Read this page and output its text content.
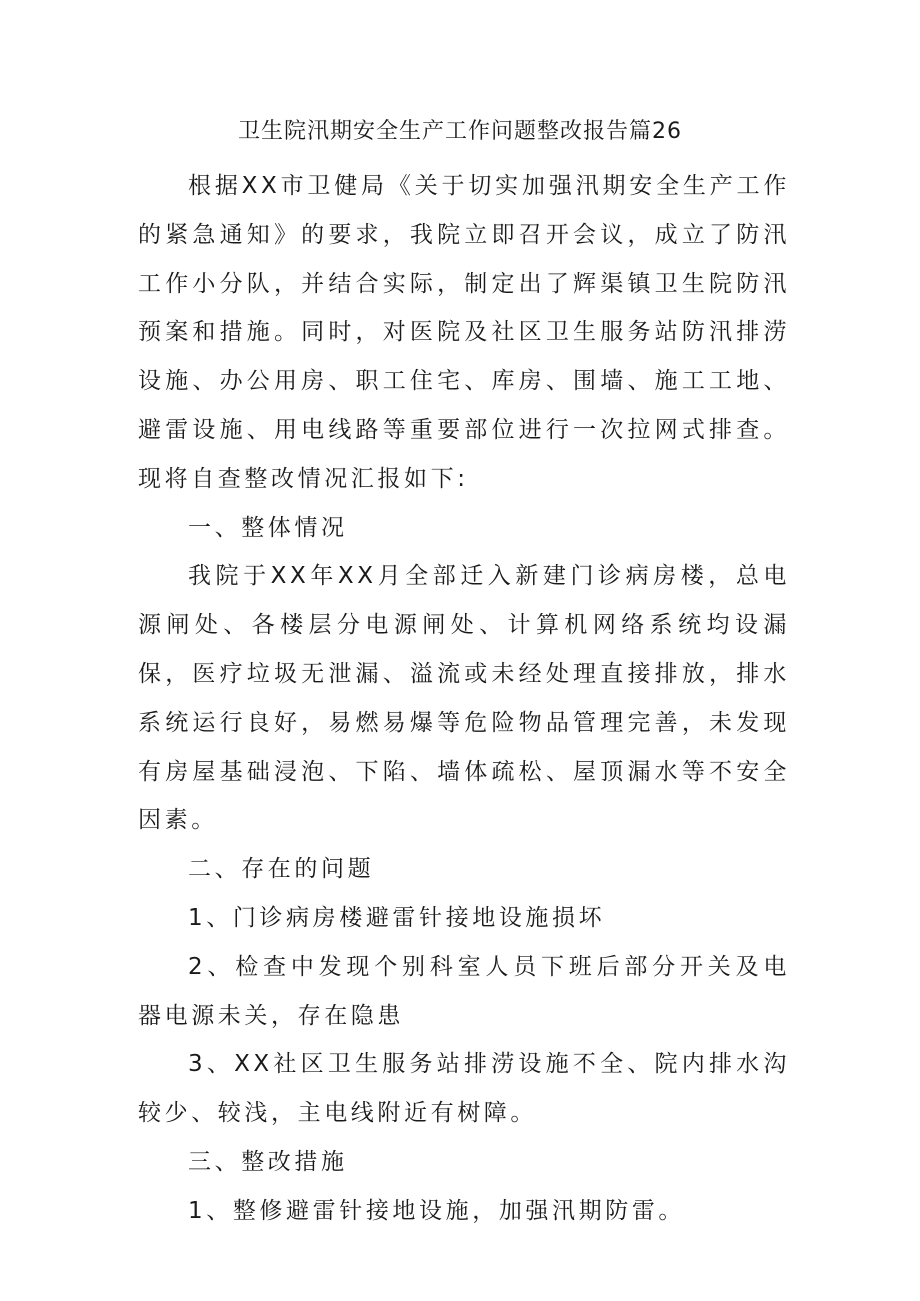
卫生院汛期安全生产工作问题整改报告篇26

根据XX市卫健局《关于切实加强汛期安全生产工作的紧急通知》的要求，我院立即召开会议，成立了防汛工作小分队，并结合实际，制定出了辉渠镇卫生院防汛预案和措施。同时，对医院及社区卫生服务站防汛排涝设施、办公用房、职工住宅、库房、围墙、施工工地、避雷设施、用电线路等重要部位进行一次拉网式排查。现将自查整改情况汇报如下:

一、整体情况

我院于XX年XX月全部迁入新建门诊病房楼，总电源闸处、各楼层分电源闸处、计算机网络系统均设漏保，医疗垃圾无泄漏、溢流或未经处理直接排放，排水系统运行良好，易燃易爆等危险物品管理完善，未发现有房屋基础浸泡、下陷、墙体疏松、屋顶漏水等不安全因素。

二、存在的问题

1、门诊病房楼避雷针接地设施损坏

2、检查中发现个别科室人员下班后部分开关及电器电源未关，存在隐患

3、XX社区卫生服务站排涝设施不全、院内排水沟较少、较浅，主电线附近有树障。

三、整改措施

1、整修避雷针接地设施，加强汛期防雷。
